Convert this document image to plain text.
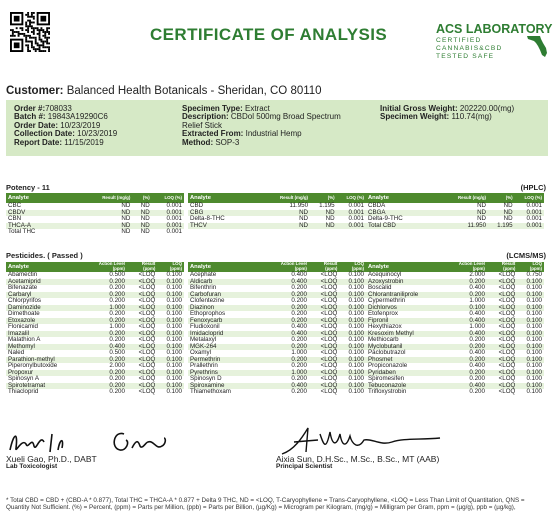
CERTIFICATE OF ANALYSIS	ACS LABORATORY
CERTIFIED
CANNABIS&CBD
TESTED SAFE
Customer: Balanced Health Botanicals - Sheridan, CO 80110
Order #:708033
Batch #: 19843A19290C6
Order Date: 10/23/2019
Collection Date: 10/23/2019
Report Date: 11/15/2019
Specimen Type: Extract
Description: CBDol 500mg Broad Spectrum
Relief Stick
Extracted From: Industrial Hemp
Method: SOP-3
Initial Gross Weight: 202220.00(mg)
Specimen Weight: 110.74(mg)
Potency - 11	(HPLC)
Analyte	Result (mg/g)	(%)	LOQ (%)
CBC	ND	ND	0.001
CBDV	ND	ND	0.001
CBN	ND	ND	0.001
THCA-A	ND	ND	0.001
Total THC	ND	ND	0.001
Analyte	Result (mg/g)	(%)	LOQ (%)
CBD	11.950	1.195	0.001
CBG	ND	ND	0.001
Delta-8-THC	ND	ND	0.001
THCV	ND	ND	0.001
Analyte	Result (mg/g)	(%)	LOQ (%)
CBDA	ND	ND	0.001
CBGA	ND	ND	0.001
Delta-9-THC	ND	ND	0.001
Total CBD	11.950	1.195	0.001
Pesticides. ( Passed )	(LCMS/MS)
Analyte	Action Level (ppm)	Result (ppm)	LOQ (ppm)
Abamectin	0.500	<LOQ	0.100
Acetamiprid	0.200	<LOQ	0.100
Bifenazate	0.200	<LOQ	0.100
Carbaryl	0.200	<LOQ	0.100
Chlorpyrifos	0.200	<LOQ	0.100
Daminozide	1.000	<LOQ	0.100
Dimethoate	0.200	<LOQ	0.100
Etoxazole	0.200	<LOQ	0.100
Flonicamid	1.000	<LOQ	0.100
Imazalil	0.200	<LOQ	0.100
Malathion A	0.200	<LOQ	0.100
Methomyl	0.400	<LOQ	0.100
Naled	0.500	<LOQ	0.100
Parathion-methyl	0.200	<LOQ	0.100
Piperonylbutoxide	2.000	<LOQ	0.100
Propoxur	0.200	<LOQ	0.100
Spinosyn A	0.200	<LOQ	0.100
Spirotetramat	0.200	<LOQ	0.100
Thiacloprid	0.200	<LOQ	0.100
Analyte	Action Level (ppm)	Result (ppm)	LOQ (ppm)
Acephate	0.400	<LOQ	0.100
Aldicarb	0.400	<LOQ	0.100
Bifenthrin	0.200	<LOQ	0.100
Carbofuran	0.200	<LOQ	0.100
Clofentezine	0.200	<LOQ	0.100
Diazinon	0.200	<LOQ	0.100
Ethoprophos	0.200	<LOQ	0.100
Fenoxycarb	0.200	<LOQ	0.100
Fludioxonil	0.400	<LOQ	0.100
Imidacloprid	0.400	<LOQ	0.100
Metalaxyl	0.200	<LOQ	0.100
MGK-264	0.200	<LOQ	0.100
Oxamyl	1.000	<LOQ	0.100
Permethrin	0.200	<LOQ	0.100
Prallethrin	0.200	<LOQ	0.100
Pyrethrins	1.000	<LOQ	0.100
Spinosyn D	0.200	<LOQ	0.100
Spiroxamine	0.400	<LOQ	0.100
Thiamethoxam	0.200	<LOQ	0.100
Analyte	Action Level (ppm)	Result (ppm)	LOQ (ppm)
Acequinocyl	2.000	<LOQ	0.750
Azoxystrobin	0.200	<LOQ	0.100
Boscalid	0.400	<LOQ	0.100
Chlorantraniliprole	0.200	<LOQ	0.100
Cypermethrin	1.000	<LOQ	0.100
Dichlorvos	0.100	<LOQ	0.100
Etofenprox	0.400	<LOQ	0.100
Fipronil	0.400	<LOQ	0.100
Hexythiazox	1.000	<LOQ	0.100
Kresoxim Methyl	0.400	<LOQ	0.100
Methiocarb	0.200	<LOQ	0.100
Myclobutanil	0.200	<LOQ	0.100
Paclobutrazol	0.400	<LOQ	0.100
Phosmet	0.200	<LOQ	0.100
Propiconazole	0.400	<LOQ	0.100
Pyridaben	0.200	<LOQ	0.100
Spiromesifen	0.200	<LOQ	0.100
Tebuconazole	0.400	<LOQ	0.100
Trifloxystrobin	0.200	<LOQ	0.100
Xueli Gao, Ph.D., DABT
Lab Toxicologist
Aixia Sun, D.H.Sc., M.Sc., B.Sc., MT (AAB)
Principal Scientist
* Total CBD = CBD + (CBD-A * 0.877), Total THC = THCA-A * 0.877 + Delta 9 THC, ND = <LOQ, T-Caryophyllene = Trans-Caryophyllene, <LOQ = Less Than Limit of Quantitation, QNS = Quantity Not Sufficient. (%) = Percent, (ppm) = Parts per Million, (ppb) = Parts per Billion, (µg/Kg) = Microgram per Kilogram, (mg/g) = Milligram per Gram, ppm = (µg/g), ppb = (µg/kg),
